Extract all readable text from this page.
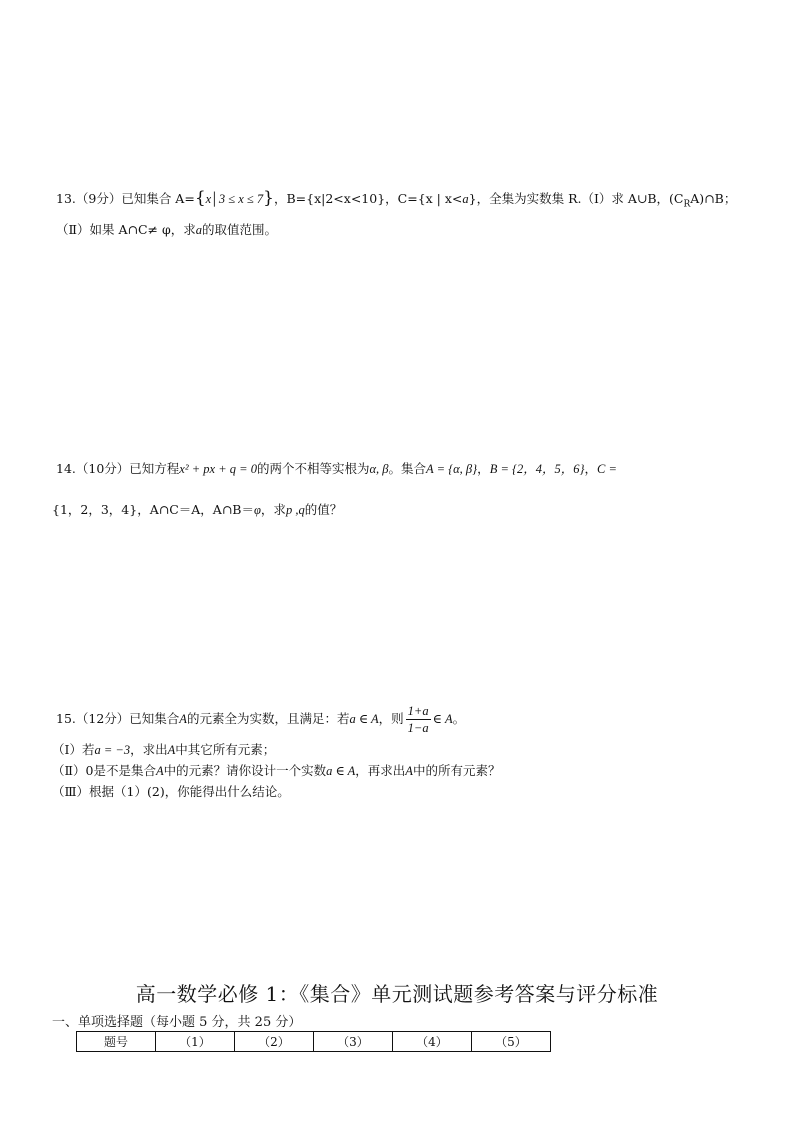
13.（9分）已知集合 A={x│3 ≤ x ≤ 7}，B={x|2<x<10}，C={x | x<a}，全集为实数集 R.（Ⅰ）求 A∪B，$(C_RA)\cap B$；
（Ⅱ）如果 A∩C≠ φ，求a的取值范围。
14.（10分）已知方程x² + px + q = 0的两个不相等实根为α, β。集合A = {α, β}，B = {2，4，5，6}，C =
{1，2，3，4}，A∩C＝A，A∩B＝φ，求p ,q的值？
15.（12分）已知集合A的元素全为实数，且满足：若a ∈ A，则 $\frac{1+a}{1-a}$ ∈ A。
（Ⅰ）若a = −3，求出A中其它所有元素；
（Ⅱ）0是不是集合A中的元素？请你设计一个实数a ∈ A，再求出A中的所有元素？
（Ⅲ）根据（1）(2)，你能得出什么结论。
高一数学必修 1：《集合》单元测试题参考答案与评分标准
一、单项选择题（每小题 5 分，共 25 分）
题号	（1）	（2）	（3）	（4）	（5）
